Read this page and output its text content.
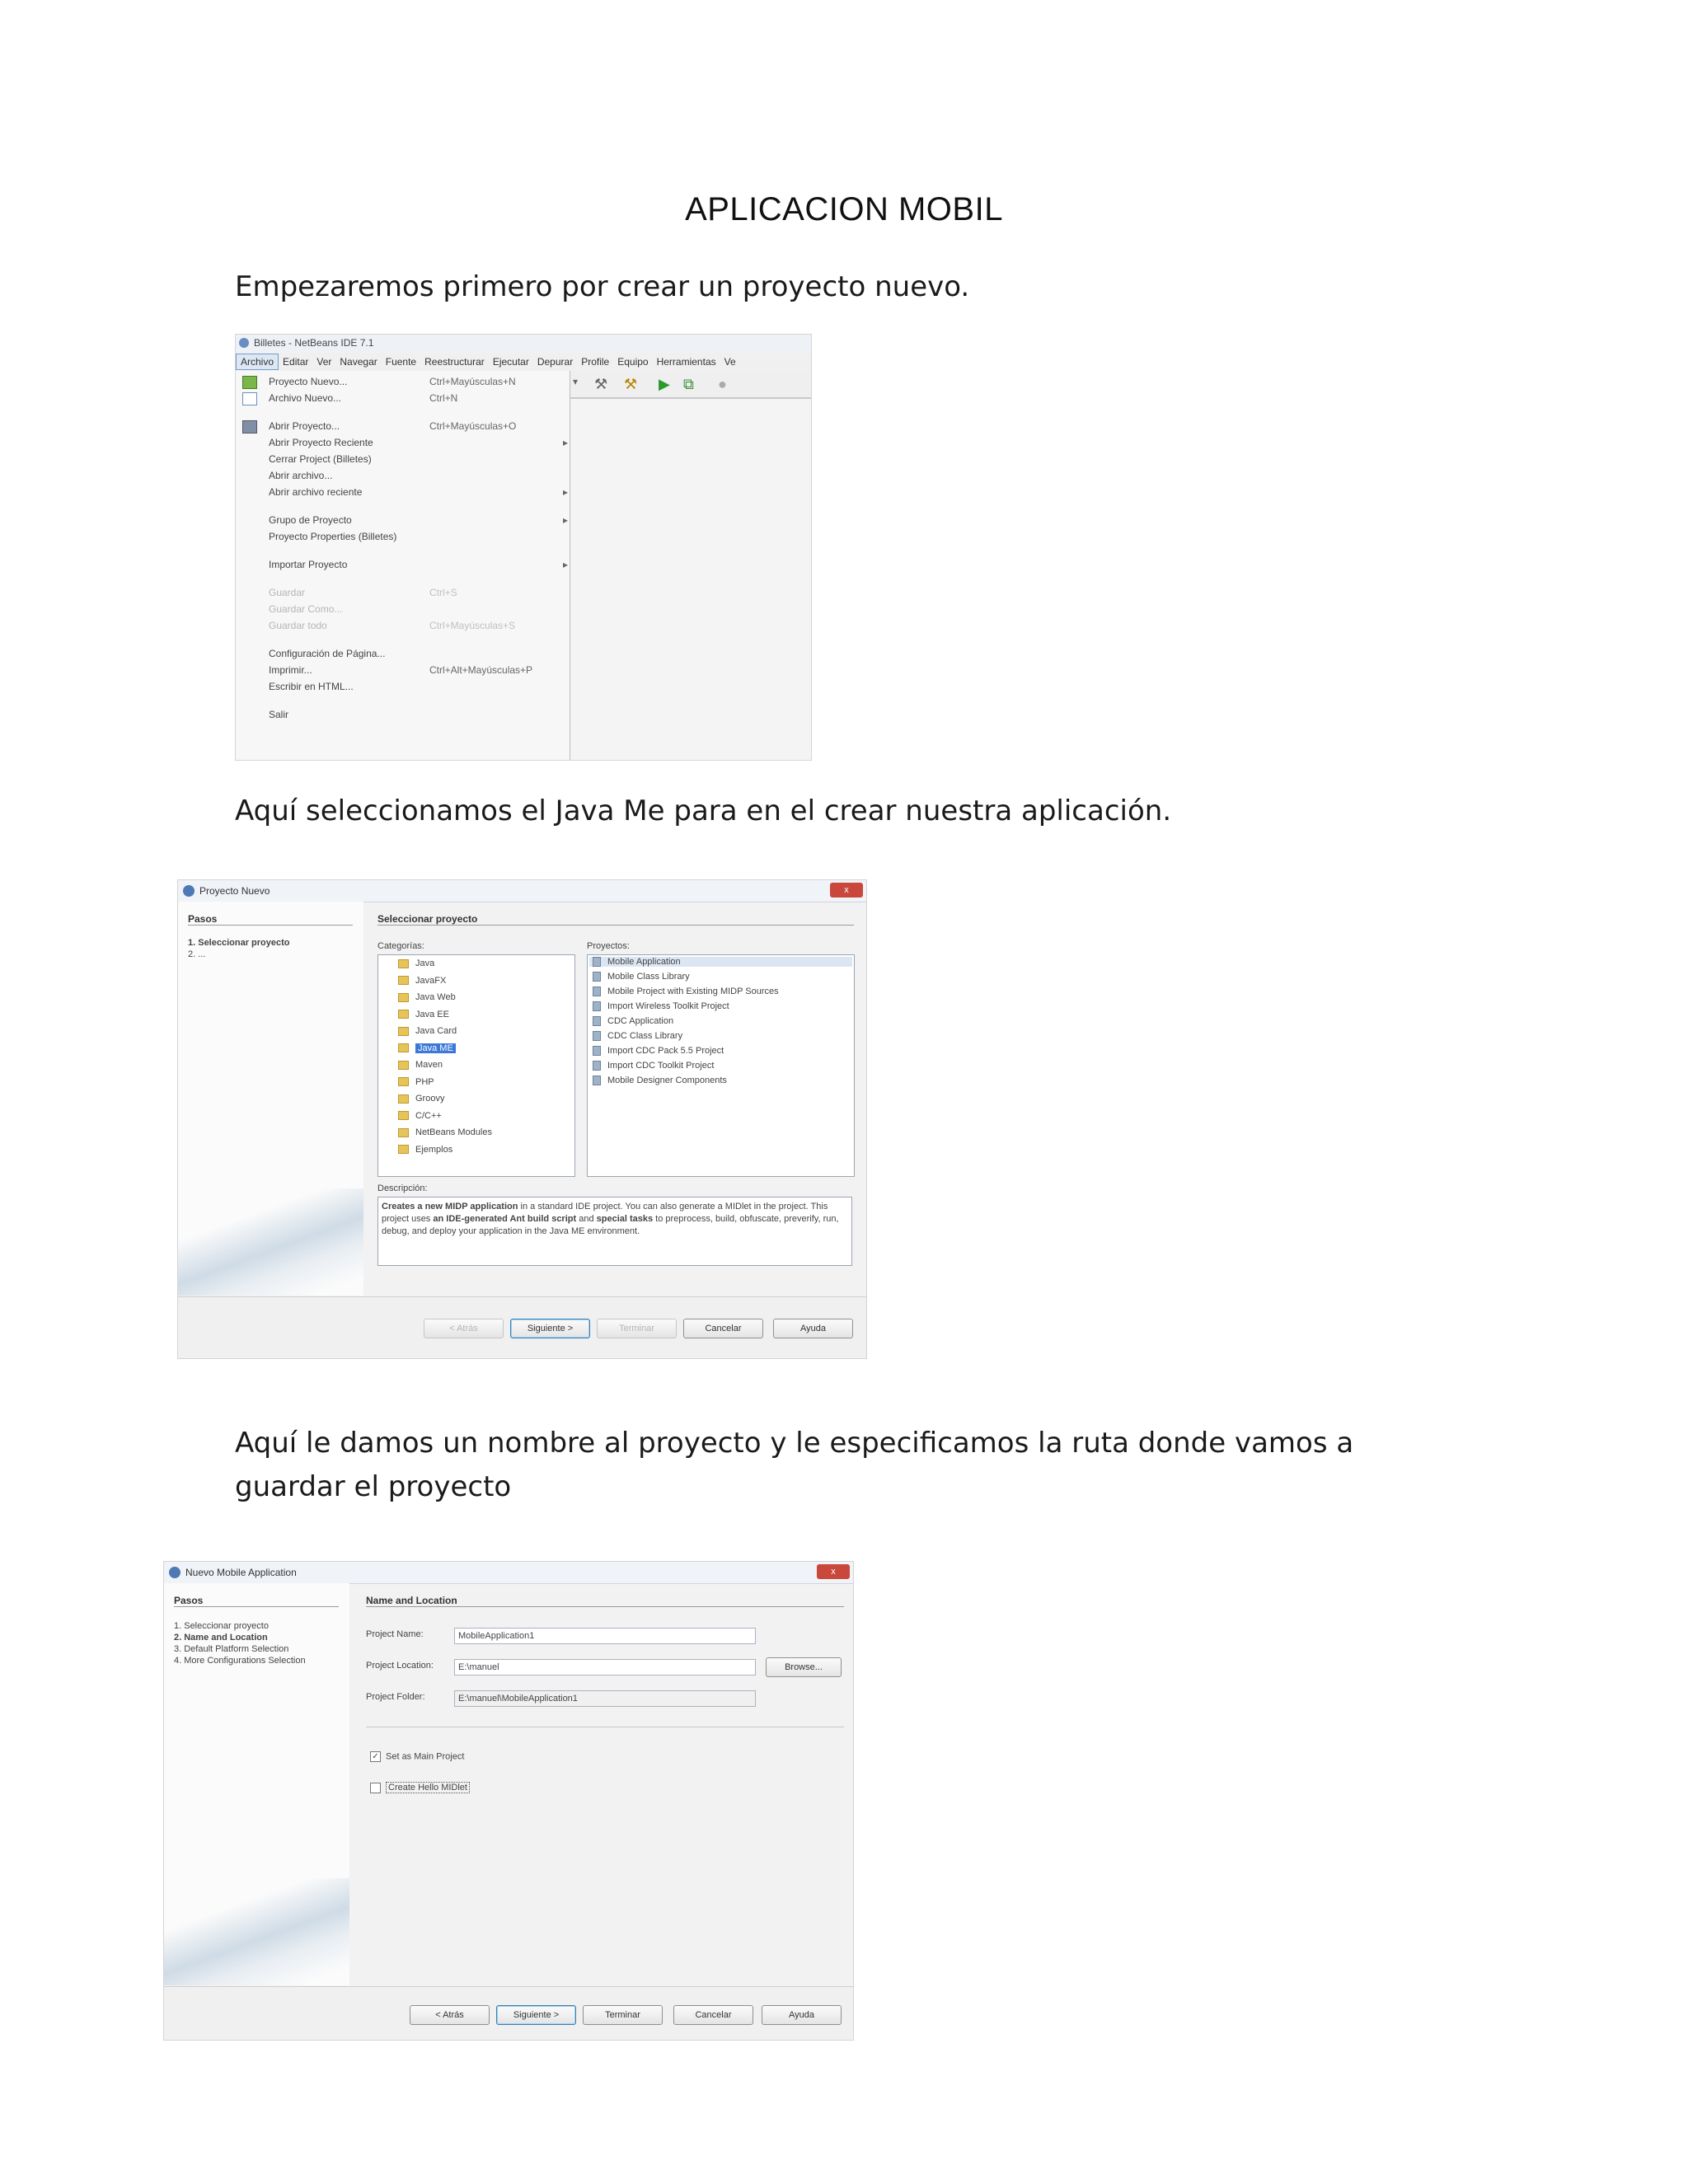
APLICACION MOBIL
Empezaremos primero por crear un proyecto nuevo.
Billetes - NetBeans IDE 7.1
Archivo Editar Ver Navegar Fuente Reestructurar Ejecutar Depurar Profile Equipo Herramientas Ve
▾ ⚒ ⚒ ▶ ⧉ ●
Proyecto Nuevo...	Ctrl+Mayúsculas+N
Archivo Nuevo...	Ctrl+N
Abrir Proyecto...	Ctrl+Mayúsculas+O
Abrir Proyecto Reciente	▸
Cerrar Project (Billetes)
Abrir archivo...
Abrir archivo reciente	▸
Grupo de Proyecto	▸
Proyecto Properties (Billetes)
Importar Proyecto	▸
Guardar	Ctrl+S
Guardar Como...
Guardar todo	Ctrl+Mayúsculas+S
Configuración de Página...
Imprimir...	Ctrl+Alt+Mayúsculas+P
Escribir en HTML...
Salir
Aquí seleccionamos el Java Me para en el crear nuestra aplicación.
Proyecto Nuevo	x
Pasos
1. Seleccionar proyecto
2. ...
Seleccionar proyecto
Categorías:
Java
JavaFX
Java Web
Java EE
Java Card
Java ME
Maven
PHP
Groovy
C/C++
NetBeans Modules
Ejemplos
Proyectos:
Mobile Application
Mobile Class Library
Mobile Project with Existing MIDP Sources
Import Wireless Toolkit Project
CDC Application
CDC Class Library
Import CDC Pack 5.5 Project
Import CDC Toolkit Project
Mobile Designer Components
Descripción:
Creates a new MIDP application in a standard IDE project. You can also generate a MIDlet in the project. This project uses an IDE-generated Ant build script and special tasks to preprocess, build, obfuscate, preverify, run, debug, and deploy your application in the Java ME environment.
< Atrás	Siguiente >	Terminar	Cancelar	Ayuda
Aquí le damos un nombre al proyecto y le especificamos la ruta donde vamos a guardar el proyecto
Nuevo Mobile Application	x
Pasos
1. Seleccionar proyecto
2. Name and Location
3. Default Platform Selection
4. More Configurations Selection
Name and Location
Project Name:	MobileApplication1
Project Location:	E:\manuel	Browse...
Project Folder:	E:\manuel\MobileApplication1
✓ Set as Main Project
Create Hello MIDlet
< Atrás	Siguiente >	Terminar	Cancelar	Ayuda
